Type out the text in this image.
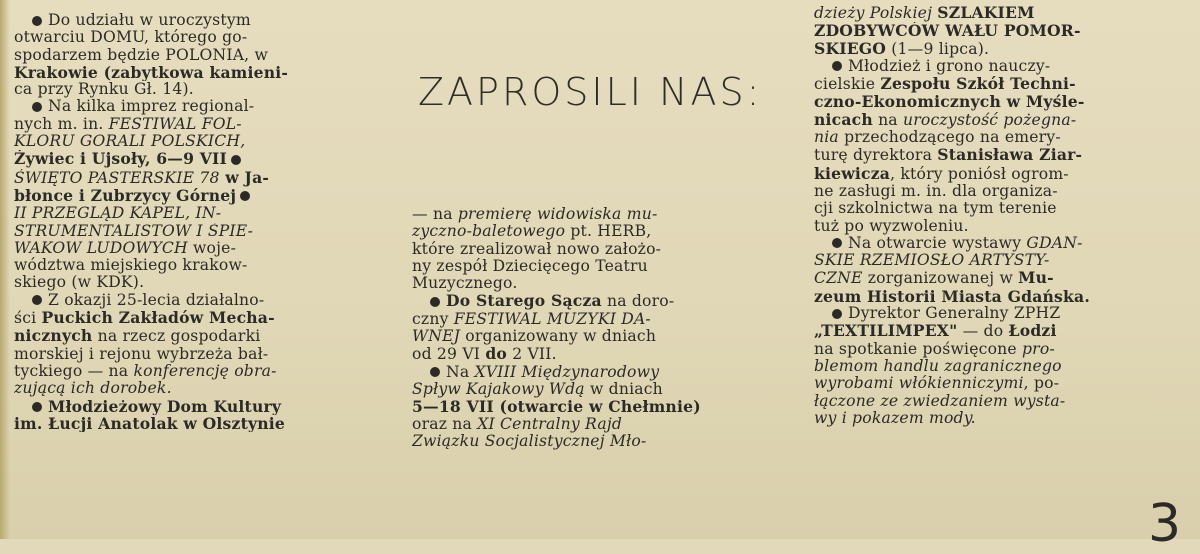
ZAPROSILI NAS:

Do udziału w uroczystym
otwarciu DOMU, którego go-
spodarzem będzie POLONIA, w
Krakowie (zabytkowa kamieni-
ca przy Rynku Gł. 14).

Na kilka imprez regional-
nych m. in. FESTIWAL FOL-
KLORU GÓRALI POLSKICH,
Żywiec i Ujsoły, 6—9 VII
ŚWIĘTO PASTERSKIE 78 w Ja-
błonce i Zubrzycy Górnej
II PRZEGLĄD KAPEL, IN-
STRUMENTALISTÓW I ŚPIE-
WAKÓW LUDOWYCH woje-
wództwa miejskiego krakow-
skiego (w KDK).

Z okazji 25-lecia działalno-
ści Puckich Zakładów Mecha-
nicznych na rzecz gospodarki
morskiej i rejonu wybrzeża bał-
tyckiego — na konferencję obra-
zującą ich dorobek.

Młodzieżowy Dom Kultury
im. Łucji Anatolak w Olsztynie

— na premierę widowiska mu-
zyczno-baletowego pt. HERB,
które zrealizował nowo założo-
ny zespół Dziecięcego Teatru
Muzycznego.

Do Starego Sącza na doro-
czny FESTIWAL MUZYKI DA-
WNEJ organizowany w dniach
od 29 VI do 2 VII.

Na XVIII Międzynarodowy
Spływ Kajakowy Wdą w dniach
5—18 VII (otwarcie w Chełmnie)
oraz na XI Centralny Rajd
Związku Socjalistycznej Mło-

dzieży Polskiej SZLAKIEM
ZDOBYWCÓW WAŁU POMOR-
SKIEGO (1—9 lipca).

Młodzież i grono nauczy-
cielskie Zespołu Szkół Techni-
czno-Ekonomicznych w Myśle-
nicach na uroczystość pożegna-
nia przechodzącego na emery-
turę dyrektora Stanisława Ziar-
kiewicza, który poniósł ogrom-
ne zasługi m. in. dla organiza-
cji szkolnictwa na tym terenie
tuż po wyzwoleniu.

Na otwarcie wystawy GDAŃ-
SKIE RZEMIOSŁO ARTYSTY-
CZNE zorganizowanej w Mu-
zeum Historii Miasta Gdańska.

Dyrektor Generalny ZPHZ
„TEXTILIMPEX" — do Łodzi
na spotkanie poświęcone pro-
blemom handlu zagranicznego
wyrobami włókienniczymi, po-
łączone ze zwiedzaniem wysta-
wy i pokazem mody.

3
